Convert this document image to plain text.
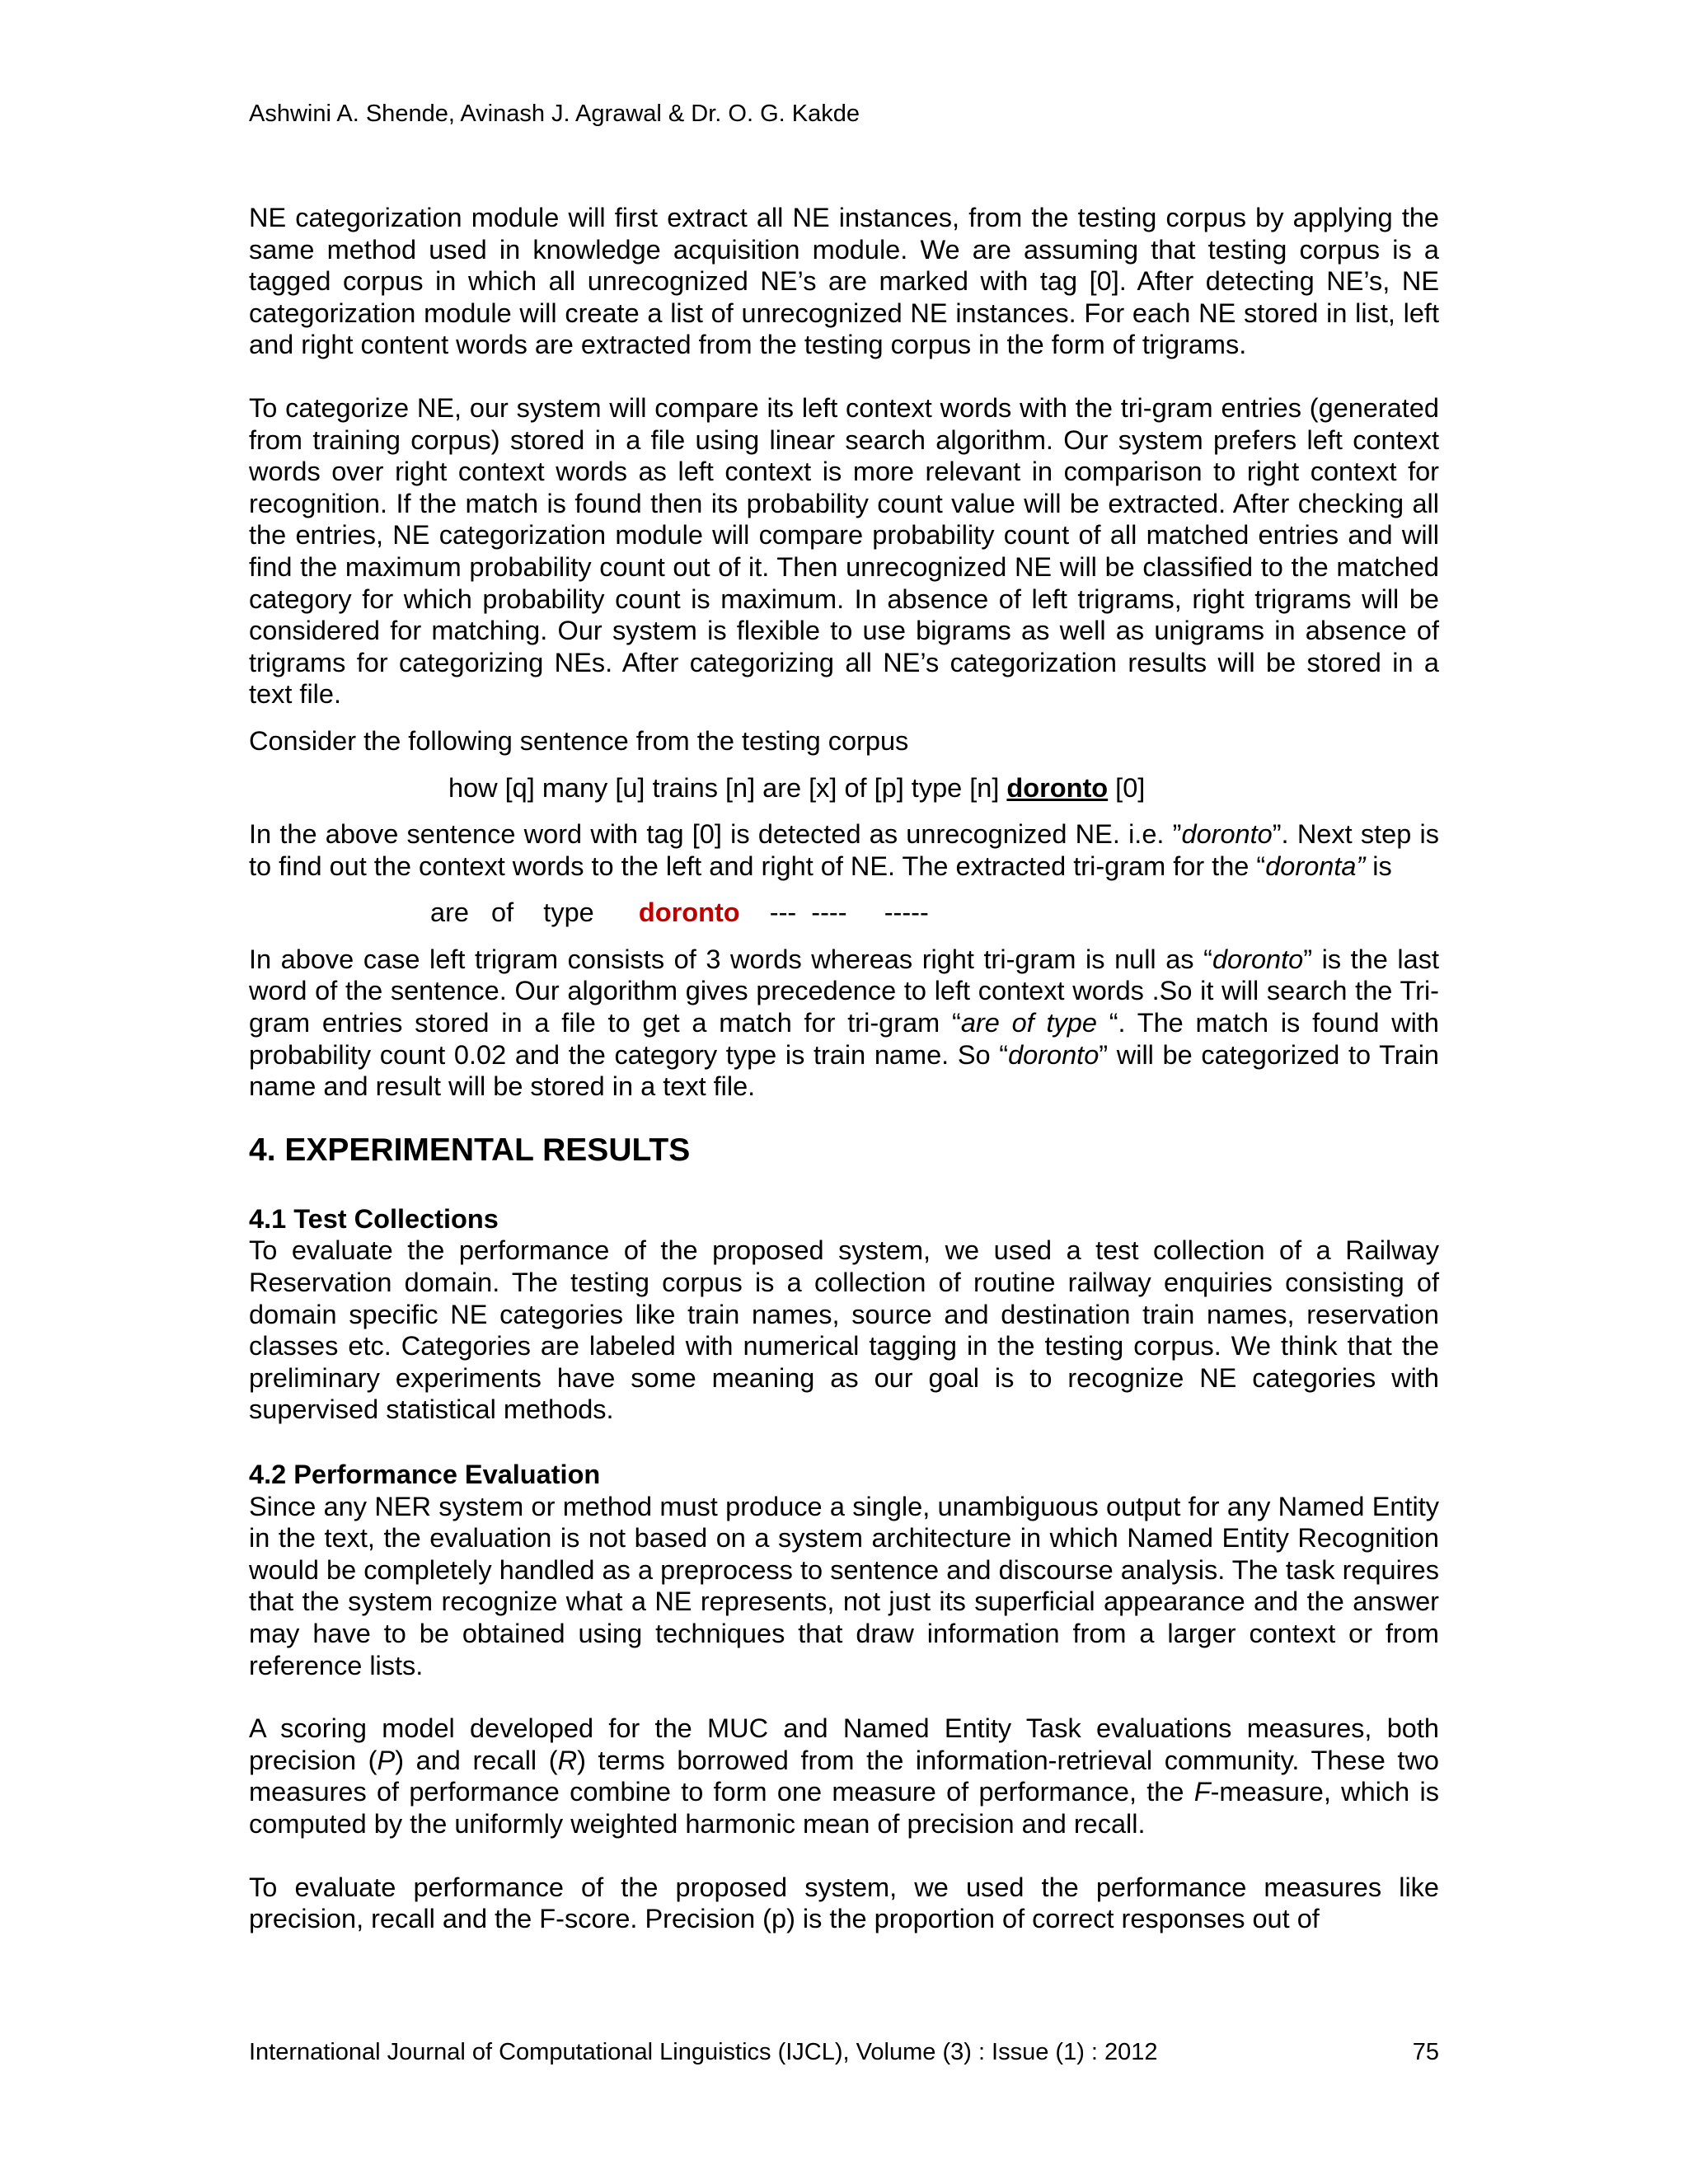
Ashwini A. Shende, Avinash J. Agrawal & Dr. O. G. Kakde

NE categorization module will first extract all NE instances, from the testing corpus by applying the same method used in knowledge acquisition module. We are assuming that testing corpus is a tagged corpus in which all unrecognized NE’s are marked with tag [0]. After detecting NE’s, NE categorization module will create a list of unrecognized NE instances. For each NE stored in list, left and right content words are extracted from the testing corpus in the form of trigrams.

To categorize NE, our system will compare its left context words with the tri-gram entries (generated from training corpus) stored in a file using linear search algorithm. Our system prefers left context words over right context words as left context is more relevant in comparison to right context for recognition. If the match is found then its probability count value will be extracted. After checking all the entries, NE categorization module will compare probability count of all matched entries and will find the maximum probability count out of it. Then unrecognized NE will be classified to the matched category for which probability count is maximum. In absence of left trigrams, right trigrams will be considered for matching. Our system is flexible to use bigrams as well as unigrams in absence of trigrams for categorizing NEs. After categorizing all NE’s categorization results will be stored in a text file.

Consider the following sentence from the testing corpus

how [q] many [u] trains [n] are [x] of [p] type [n] doronto [0]

In the above sentence word with tag [0] is detected as unrecognized NE. i.e. ”doronto”. Next step is to find out the context words to the left and right of NE. The extracted tri-gram for the “doronta” is

are   of    type      doronto    ---  ----     -----

In above case left trigram consists of 3 words whereas right tri-gram is null as “doronto” is the last word of the sentence. Our algorithm gives precedence to left context words .So it will search the Tri-gram entries stored in a file to get a match for tri-gram “are of type “. The match is found with probability count 0.02 and the category type is train name. So “doronto” will be categorized to Train name and result will be stored in a text file.

4. EXPERIMENTAL RESULTS
4.1 Test Collections

To evaluate the performance of the proposed system, we used a test collection of a Railway Reservation domain. The testing corpus is a collection of routine railway enquiries consisting of domain specific NE categories like train names, source and destination train names, reservation classes etc. Categories are labeled with numerical tagging in the testing corpus. We think that the preliminary experiments have some meaning as our goal is to recognize NE categories with supervised statistical methods.

4.2 Performance Evaluation

Since any NER system or method must produce a single, unambiguous output for any Named Entity in the text, the evaluation is not based on a system architecture in which Named Entity Recognition would be completely handled as a preprocess to sentence and discourse analysis. The task requires that the system recognize what a NE represents, not just its superficial appearance and the answer may have to be obtained using techniques that draw information from a larger context or from reference lists.

A scoring model developed for the MUC and Named Entity Task evaluations measures, both precision (P) and recall (R) terms borrowed from the information-retrieval community. These two measures of performance combine to form one measure of performance, the F-measure, which is computed by the uniformly weighted harmonic mean of precision and recall.

To evaluate performance of the proposed system, we used the performance measures like precision, recall and the F-score. Precision (p) is the proportion of correct responses out of

International Journal of Computational Linguistics (IJCL), Volume (3) : Issue (1) : 2012	75
